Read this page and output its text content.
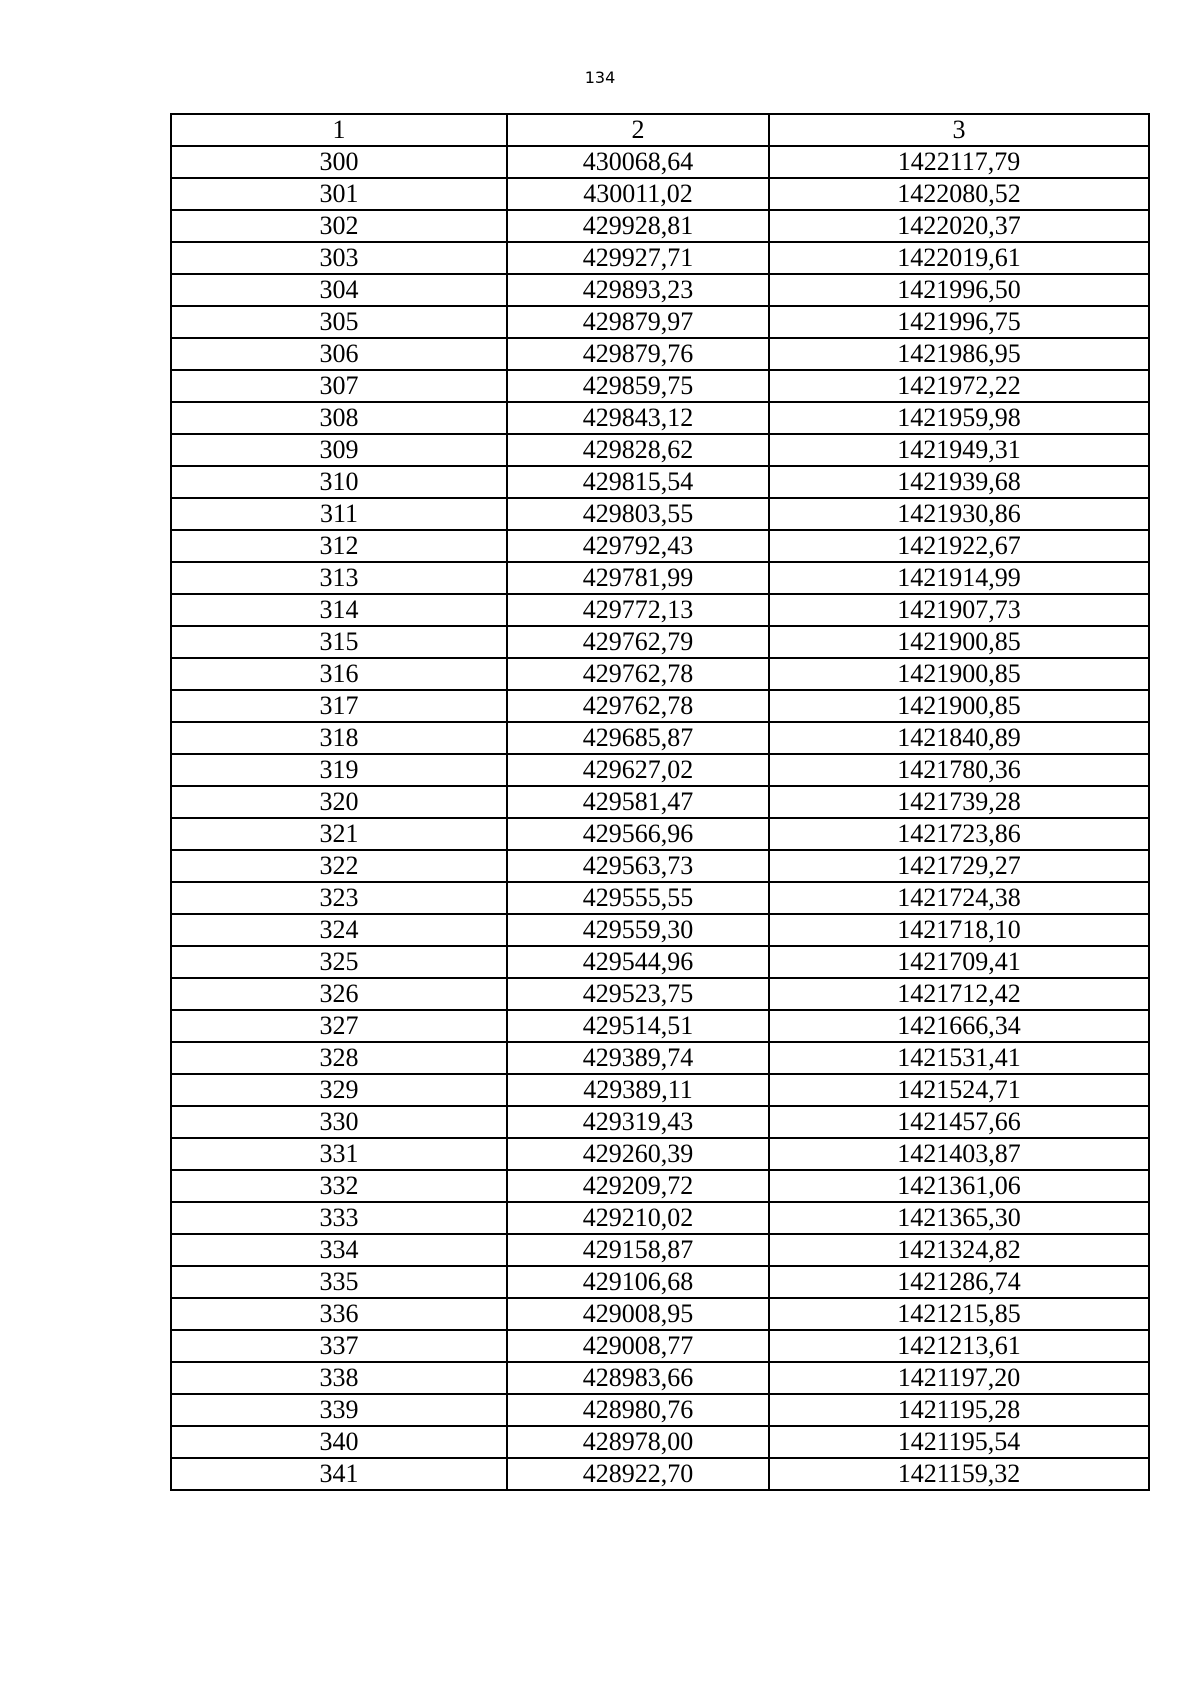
134
1	2	3
300	430068,64	1422117,79
301	430011,02	1422080,52
302	429928,81	1422020,37
303	429927,71	1422019,61
304	429893,23	1421996,50
305	429879,97	1421996,75
306	429879,76	1421986,95
307	429859,75	1421972,22
308	429843,12	1421959,98
309	429828,62	1421949,31
310	429815,54	1421939,68
311	429803,55	1421930,86
312	429792,43	1421922,67
313	429781,99	1421914,99
314	429772,13	1421907,73
315	429762,79	1421900,85
316	429762,78	1421900,85
317	429762,78	1421900,85
318	429685,87	1421840,89
319	429627,02	1421780,36
320	429581,47	1421739,28
321	429566,96	1421723,86
322	429563,73	1421729,27
323	429555,55	1421724,38
324	429559,30	1421718,10
325	429544,96	1421709,41
326	429523,75	1421712,42
327	429514,51	1421666,34
328	429389,74	1421531,41
329	429389,11	1421524,71
330	429319,43	1421457,66
331	429260,39	1421403,87
332	429209,72	1421361,06
333	429210,02	1421365,30
334	429158,87	1421324,82
335	429106,68	1421286,74
336	429008,95	1421215,85
337	429008,77	1421213,61
338	428983,66	1421197,20
339	428980,76	1421195,28
340	428978,00	1421195,54
341	428922,70	1421159,32
